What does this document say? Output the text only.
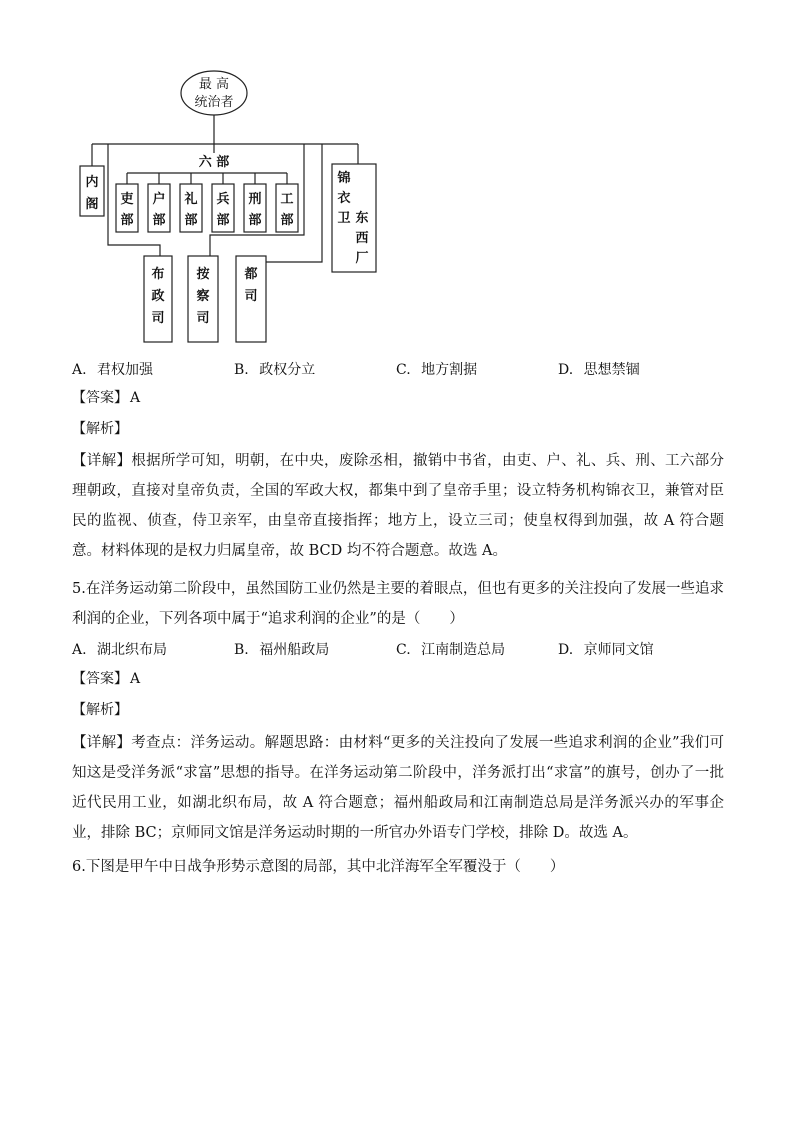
最 高
统治者
六 部
吏
部
户
部
礼
部
兵
部
刑
部
工
部
内
阁
锦
衣
卫 东
西
厂
布
政
司
按
察
司
都
司
A. 君权加强	B. 政权分立	C. 地方割据	D. 思想禁锢
【答案】 A
【解析】
【详解】根据所学可知，明朝，在中央，废除丞相，撤销中书省，由吏、户、礼、兵、刑、工六部分理朝政，直接对皇帝负责，全国的军政大权，都集中到了皇帝手里；设立特务机构锦衣卫，兼管对臣民的监视、侦查，侍卫亲军，由皇帝直接指挥；地方上，设立三司；使皇权得到加强，故 A 符合题意。材料体现的是权力归属皇帝，故 BCD 均不符合题意。故选 A。
5.在洋务运动第二阶段中，虽然国防工业仍然是主要的着眼点，但也有更多的关注投向了发展一些追求利润的企业，下列各项中属于“追求利润的企业”的是（　　）
A. 湖北织布局	B. 福州船政局	C. 江南制造总局	D. 京师同文馆
【答案】 A
【解析】
【详解】考查点：洋务运动。解题思路：由材料“更多的关注投向了发展一些追求利润的企业”我们可知这是受洋务派“求富”思想的指导。在洋务运动第二阶段中，洋务派打出“求富”的旗号，创办了一批近代民用工业，如湖北织布局，故 A 符合题意；福州船政局和江南制造总局是洋务派兴办的军事企业，排除 BC；京师同文馆是洋务运动时期的一所官办外语专门学校，排除 D。故选 A。
6.下图是甲午中日战争形势示意图的局部，其中北洋海军全军覆没于（　　）
